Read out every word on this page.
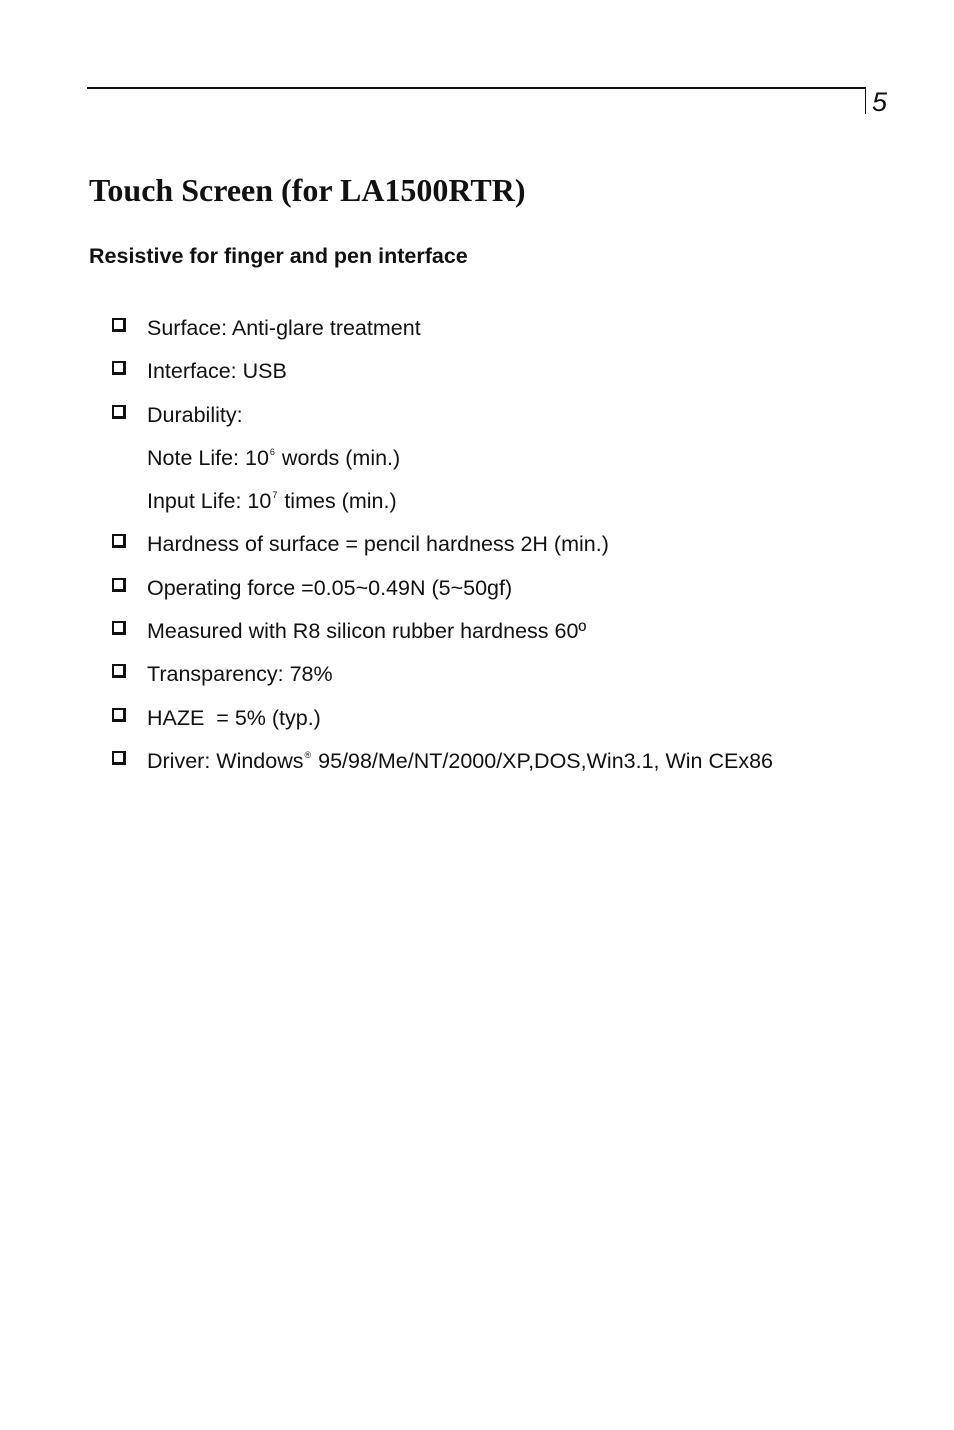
5
Touch Screen (for LA1500RTR)
Resistive for finger and pen interface
Surface: Anti-glare treatment
Interface: USB
Durability:
Note Life: $10^6$ words (min.)
Input Life: $10^7$ times (min.)
Hardness of surface = pencil hardness 2H (min.)
Operating force =0.05~0.49N (5~50gf)
Measured with R8 silicon rubber hardness 60º
Transparency: 78%
HAZE  = 5% (typ.)
Driver: Windows® 95/98/Me/NT/2000/XP,DOS,Win3.1, Win CEx86
